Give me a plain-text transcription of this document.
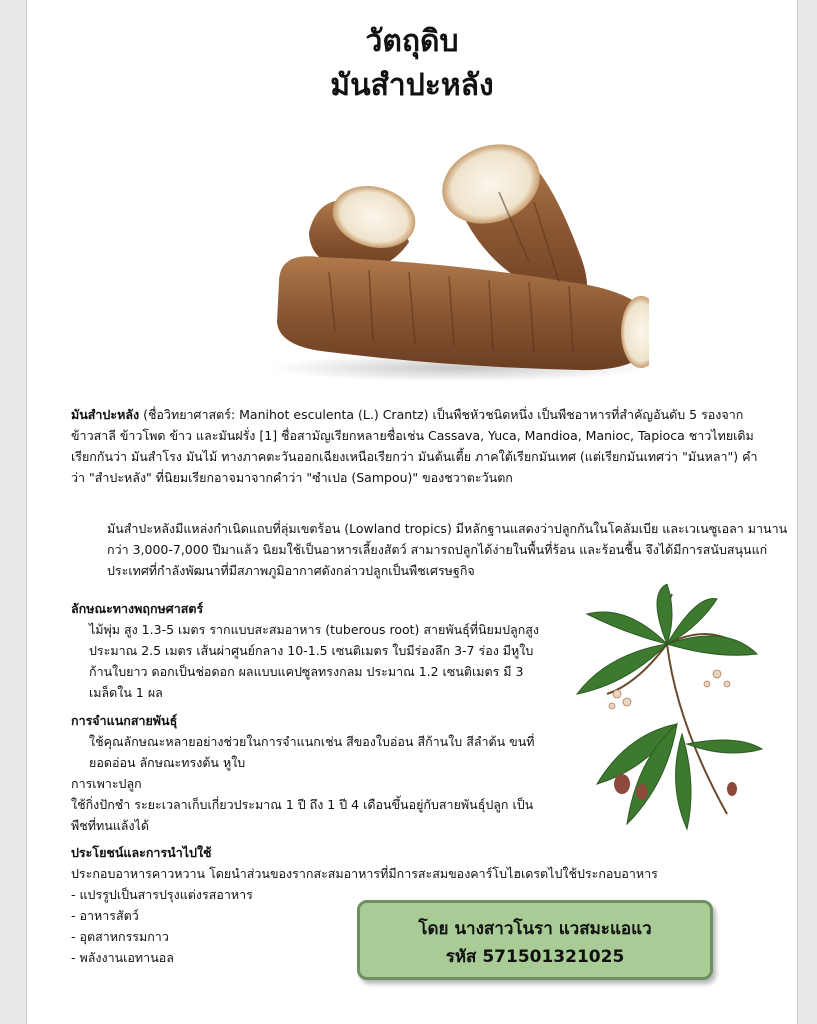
วัตถุดิบ
มันสำปะหลัง
มันสำปะหลัง (ชื่อวิทยาศาสตร์: Manihot esculenta (L.) Crantz) เป็นพืชหัวชนิดหนึ่ง เป็นพืชอาหารที่สำคัญอันดับ 5 รองจากข้าวสาลี ข้าวโพด ข้าว และมันฝรั่ง [1] ชื่อสามัญเรียกหลายชื่อเช่น Cassava, Yuca, Mandioa, Manioc, Tapioca ชาวไทยเดิมเรียกกันว่า มันสำโรง มันไม้ ทางภาคตะวันออกเฉียงเหนือเรียกว่า มันต้นเตี้ย ภาคใต้เรียกมันเทศ (แต่เรียกมันเทศว่า "มันหลา") คำว่า "สำปะหลัง" ที่นิยมเรียกอาจมาจากคำว่า "ซำเปอ (Sampou)" ของชวาตะวันตก
มันสำปะหลังมีแหล่งกำเนิดแถบที่ลุ่มเขตร้อน (Lowland tropics) มีหลักฐานแสดงว่าปลูกกันในโคลัมเบีย และเวเนซูเอลา มานานกว่า 3,000-7,000 ปีมาแล้ว นิยมใช้เป็นอาหารเลี้ยงสัตว์ สามารถปลูกได้ง่ายในพื้นที่ร้อน และร้อนชื้น จึงได้มีการสนับสนุนแก่ประเทศที่กำลังพัฒนาที่มีสภาพภูมิอากาศดังกล่าวปลูกเป็นพืชเศรษฐกิจ
ลักษณะทางพฤกษศาสตร์
ไม้พุ่ม สูง 1.3-5 เมตร รากแบบสะสมอาหาร (tuberous root) สายพันธุ์ที่นิยมปลูกสูงประมาณ 2.5 เมตร เส้นผ่าศูนย์กลาง 10-1.5 เซนติเมตร ใบมีร่องลึก 3-7 ร่อง มีหูใบ ก้านใบยาว ดอกเป็นช่อดอก ผลแบบแคปซูลทรงกลม ประมาณ 1.2 เซนติเมตร มี 3 เมล็ดใน 1 ผล
การจำแนกสายพันธุ์
ใช้คุณลักษณะหลายอย่างช่วยในการจำแนกเช่น สีของใบอ่อน สีก้านใบ สีลำต้น ขนที่ยอดอ่อน ลักษณะทรงต้น หูใบ
การเพาะปลูก
ใช้กิ่งปักชำ ระยะเวลาเก็บเกี่ยวประมาณ 1 ปี ถึง 1 ปี 4 เดือนขึ้นอยู่กับสายพันธุ์ปลูก เป็นพืชที่ทนแล้งได้
ประโยชน์และการนำไปใช้
ประกอบอาหารคาวหวาน โดยนำส่วนของรากสะสมอาหารที่มีการสะสมของคาร์โบไฮเดรตไปใช้ประกอบอาหาร
- แปรรูปเป็นสารปรุงแต่งรสอาหาร
- อาหารสัตว์
- อุตสาหกรรมกาว
- พลังงานเอทานอล
โดย นางสาวโนรา แวสมะแอแว
รหัส 571501321025
